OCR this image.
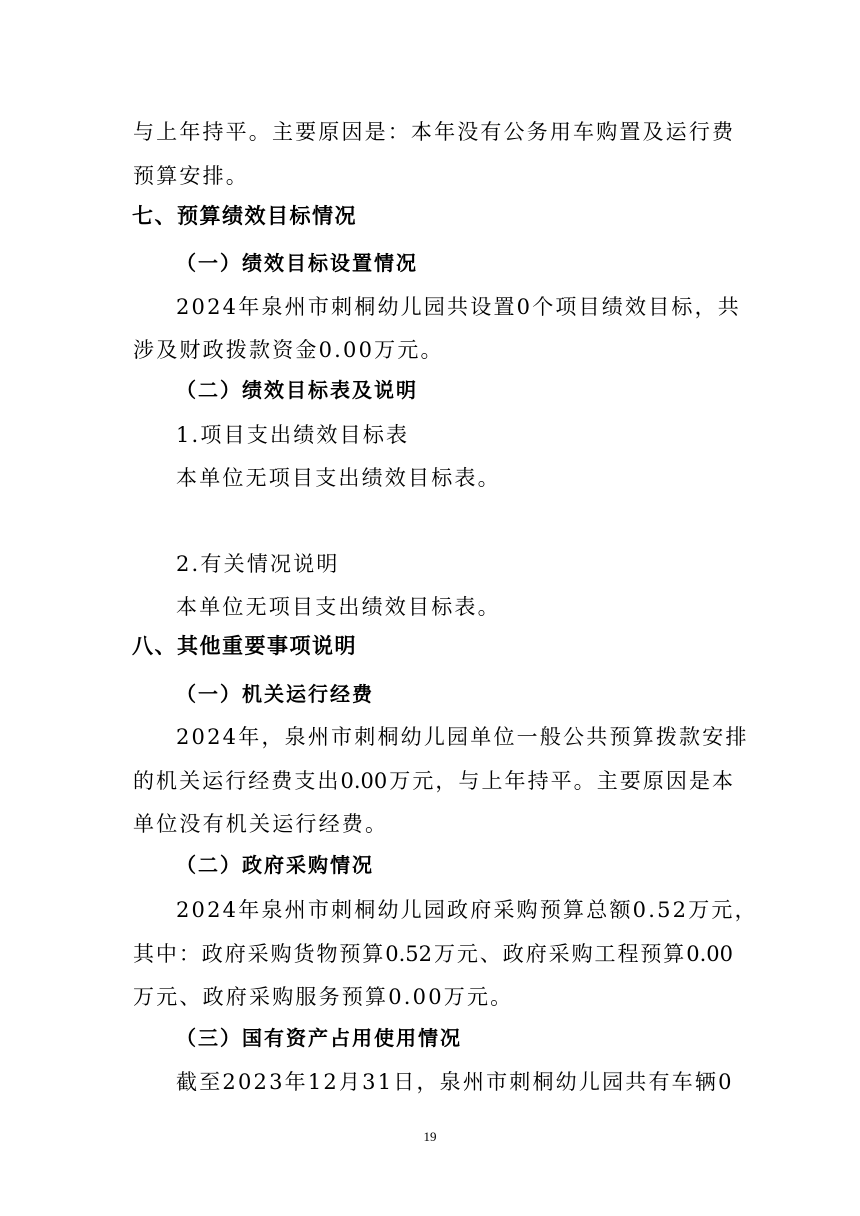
与上年持平。主要原因是：本年没有公务用车购置及运行费
预算安排。
七、预算绩效目标情况
（一）绩效目标设置情况
2024年泉州市刺桐幼儿园共设置0个项目绩效目标，共
涉及财政拨款资金0.00万元。
（二）绩效目标表及说明
1.项目支出绩效目标表
本单位无项目支出绩效目标表。
2.有关情况说明
本单位无项目支出绩效目标表。
八、其他重要事项说明
（一）机关运行经费
2024年，泉州市刺桐幼儿园单位一般公共预算拨款安排
的机关运行经费支出0.00万元，与上年持平。主要原因是本
单位没有机关运行经费。
（二）政府采购情况
2024年泉州市刺桐幼儿园政府采购预算总额0.52万元，
其中：政府采购货物预算0.52万元、政府采购工程预算0.00
万元、政府采购服务预算0.00万元。
（三）国有资产占用使用情况
截至2023年12月31日，泉州市刺桐幼儿园共有车辆0
19
